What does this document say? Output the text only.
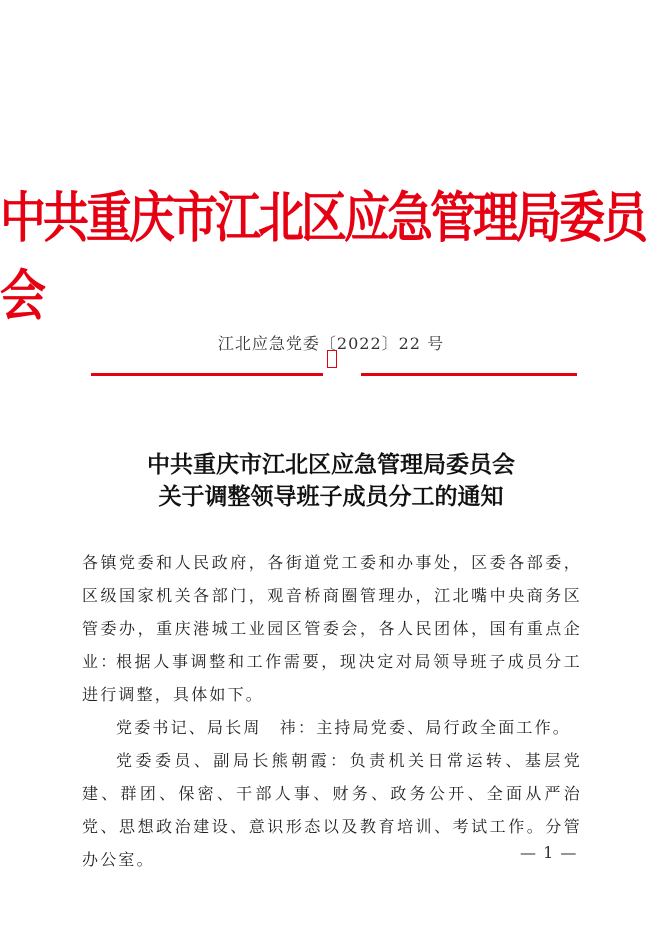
中共重庆市江北区应急管理局委员会
江北应急党委〔2022〕22 号
中共重庆市江北区应急管理局委员会
关于调整领导班子成员分工的通知

各镇党委和人民政府，各街道党工委和办事处，区委各部委，区级国家机关各部门，观音桥商圈管理办，江北嘴中央商务区管委办，重庆港城工业园区管委会，各人民团体，国有重点企业：

根据人事调整和工作需要，现决定对局领导班子成员分工进行调整，具体如下。

党委书记、局长周　祎：主持局党委、局行政全面工作。

党委委员、副局长熊朝霞：负责机关日常运转、基层党建、群团、保密、干部人事、财务、政务公开、全面从严治党、思想政治建设、意识形态以及教育培训、考试工作。分管办公室。	— 1 —
